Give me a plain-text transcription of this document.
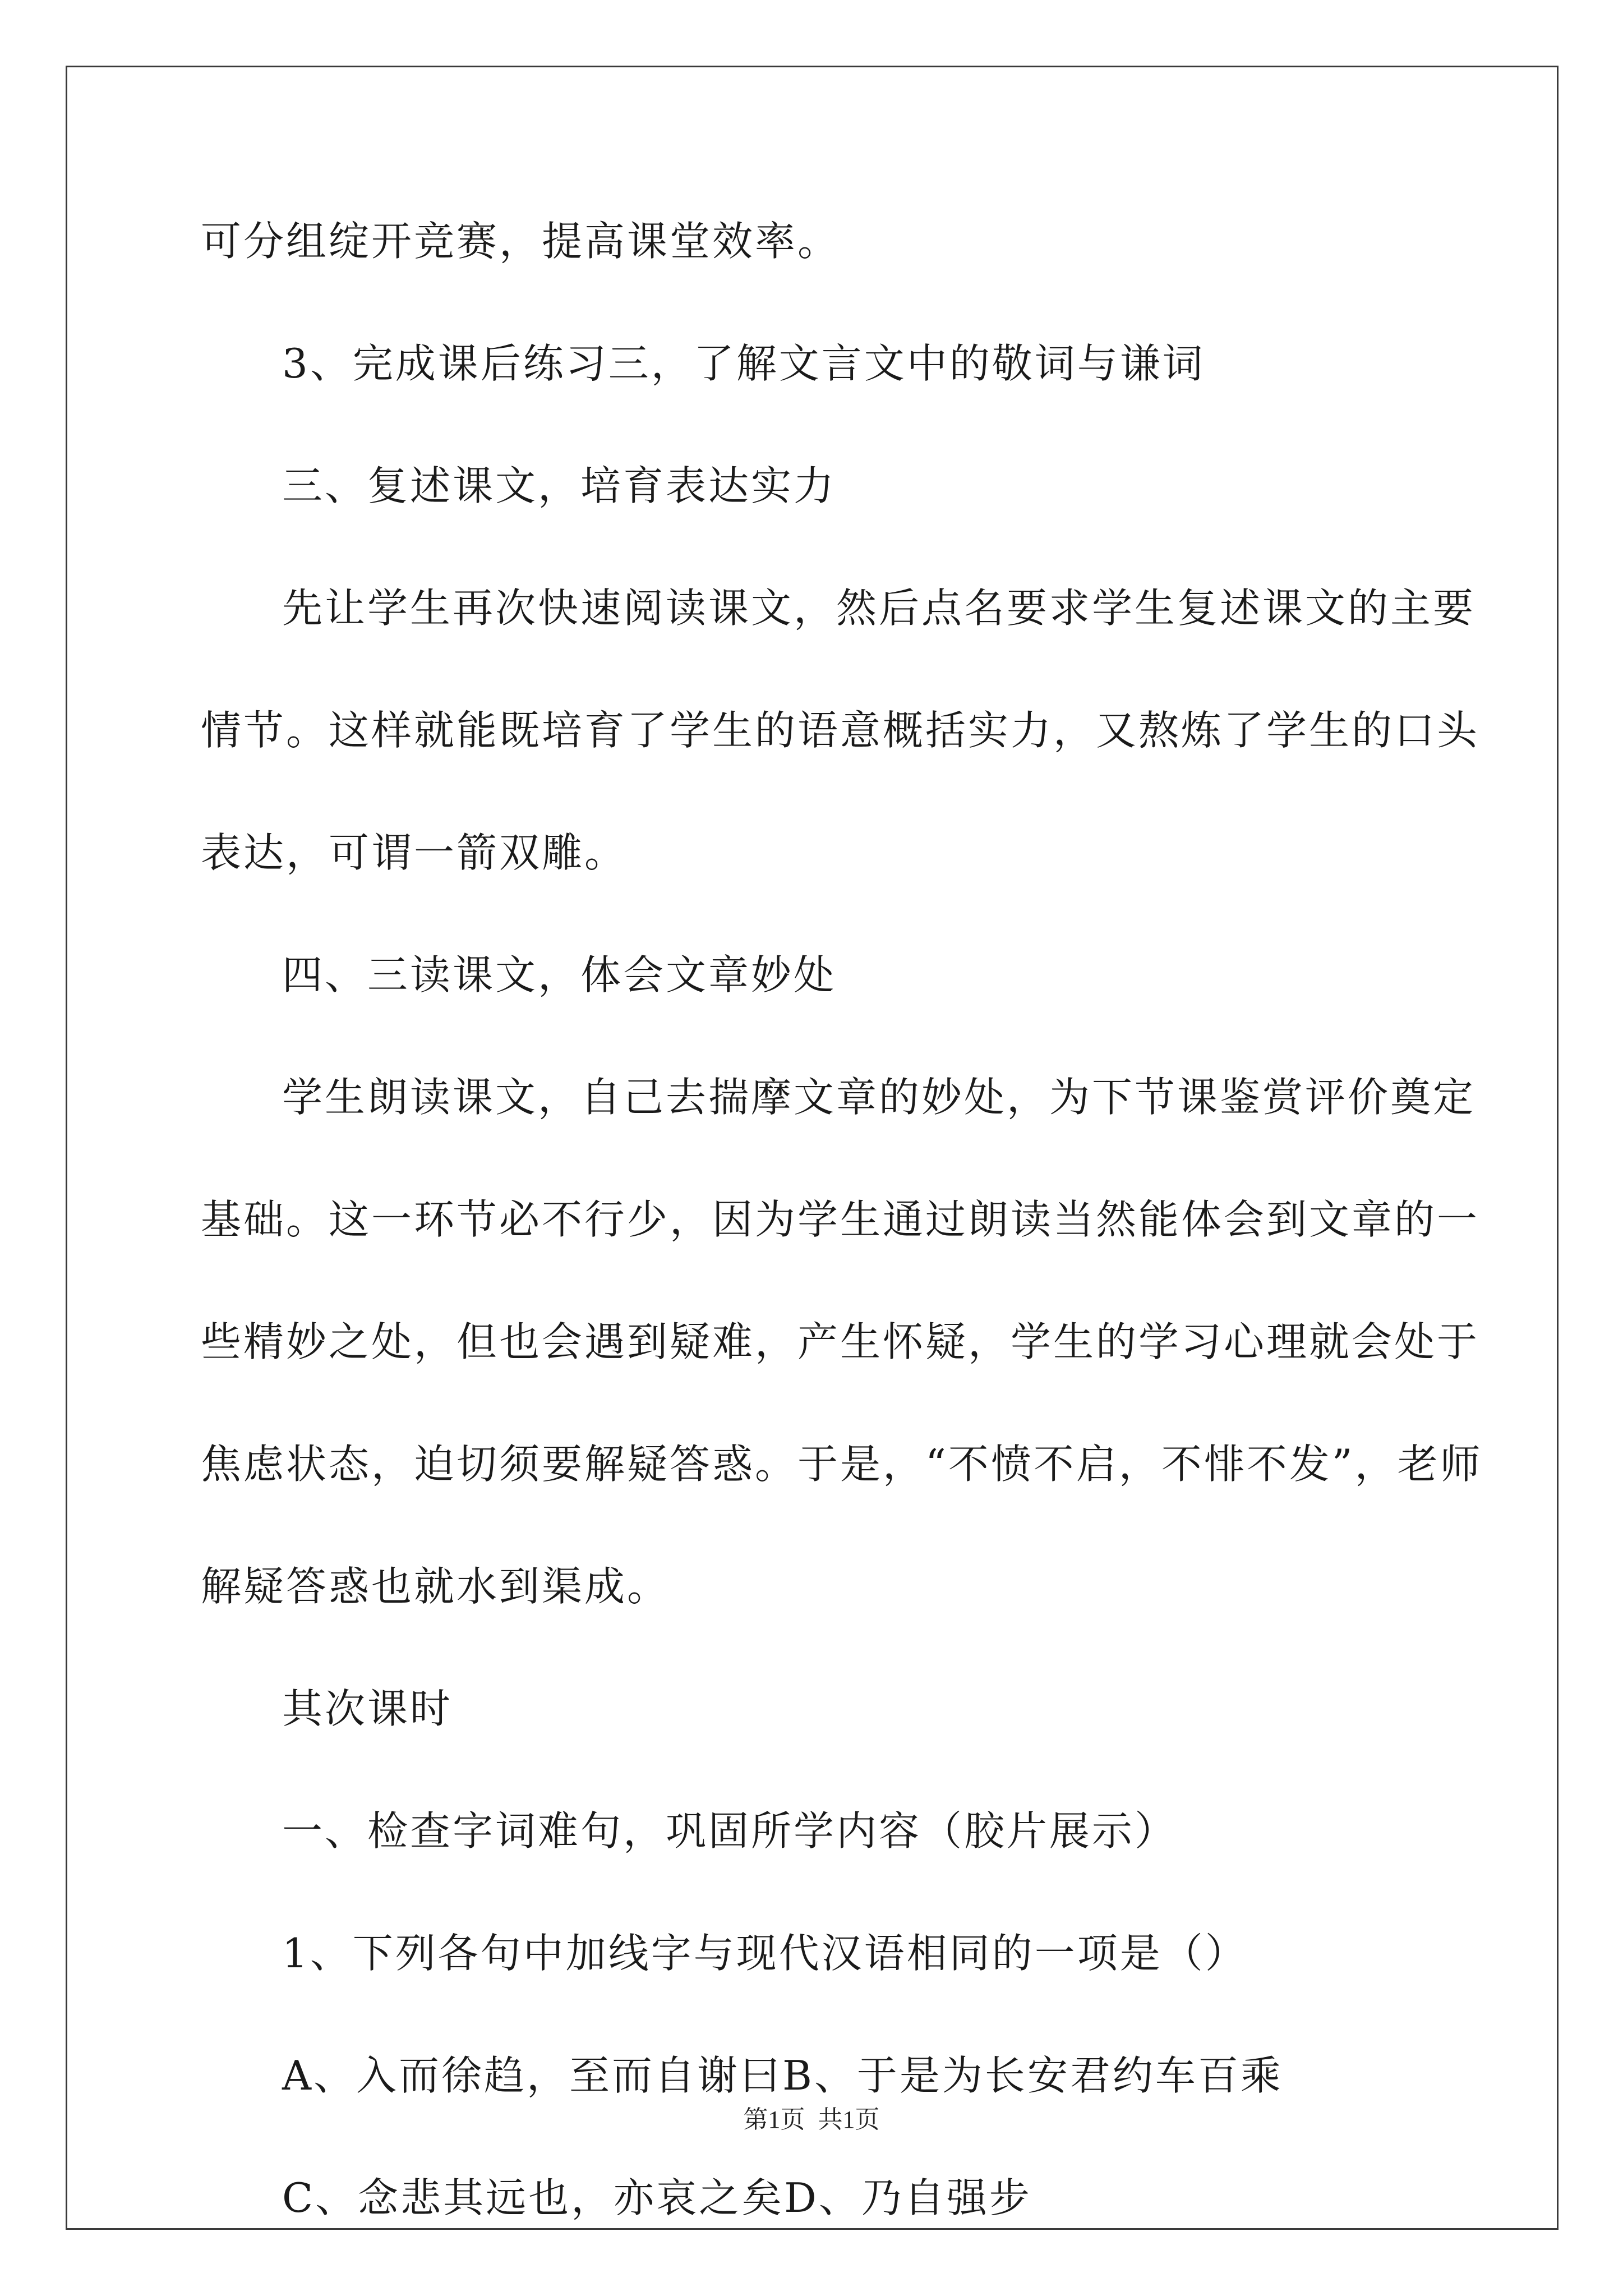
可分组绽开竞赛，提高课堂效率。
3、完成课后练习三，了解文言文中的敬词与谦词
三、复述课文，培育表达实力
先让学生再次快速阅读课文，然后点名要求学生复述课文的主要
情节。这样就能既培育了学生的语意概括实力，又熬炼了学生的口头
表达，可谓一箭双雕。
四、三读课文，体会文章妙处
学生朗读课文，自己去揣摩文章的妙处，为下节课鉴赏评价奠定
基础。这一环节必不行少，因为学生通过朗读当然能体会到文章的一
些精妙之处，但也会遇到疑难，产生怀疑，学生的学习心理就会处于
焦虑状态，迫切须要解疑答惑。于是，“不愤不启，不悱不发”，老师
解疑答惑也就水到渠成。
其次课时
一、检查字词难句，巩固所学内容（胶片展示）
1、下列各句中加线字与现代汉语相同的一项是（）
A、入而徐趋，至而自谢曰B、于是为长安君约车百乘
C、念悲其远也，亦哀之矣D、乃自强步
第1页 共1页
